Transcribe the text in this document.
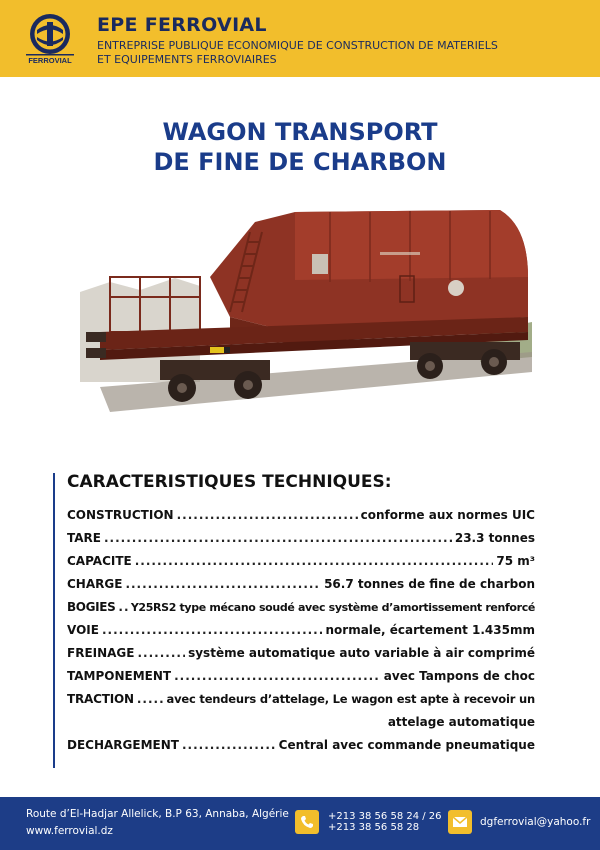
FERROVIAL
EPE FERROVIAL
ENTREPRISE PUBLIQUE ECONOMIQUE DE CONSTRUCTION DE MATERIELS
ET EQUIPEMENTS FERROVIAIRES
WAGON TRANSPORT
DE FINE DE CHARBON
CARACTERISTIQUES TECHNIQUES:
CONSTRUCTION .....	conforme aux normes UIC
TARE .....	23.3 tonnes
CAPACITE .....	75 m³
CHARGE .....	56.7 tonnes de fine de charbon
BOGIES ..... Y25RS2 type mécano soudé avec système d’amortissement renforcé
VOIE .....	normale, écartement 1.435mm
FREINAGE .....	système automatique auto variable à air comprimé
TAMPONEMENT .....	avec Tampons de choc
TRACTION .....	avec tendeurs d’attelage, Le wagon est apte à recevoir un
attelage automatique
DECHARGEMENT .....	Central avec commande pneumatique
Route d’El-Hadjar Allelick, B.P 63, Annaba, Algérie
www.ferrovial.dz
+213 38 56 58 24 / 26
+213 38 56 58 28	dgferrovial@yahoo.fr
